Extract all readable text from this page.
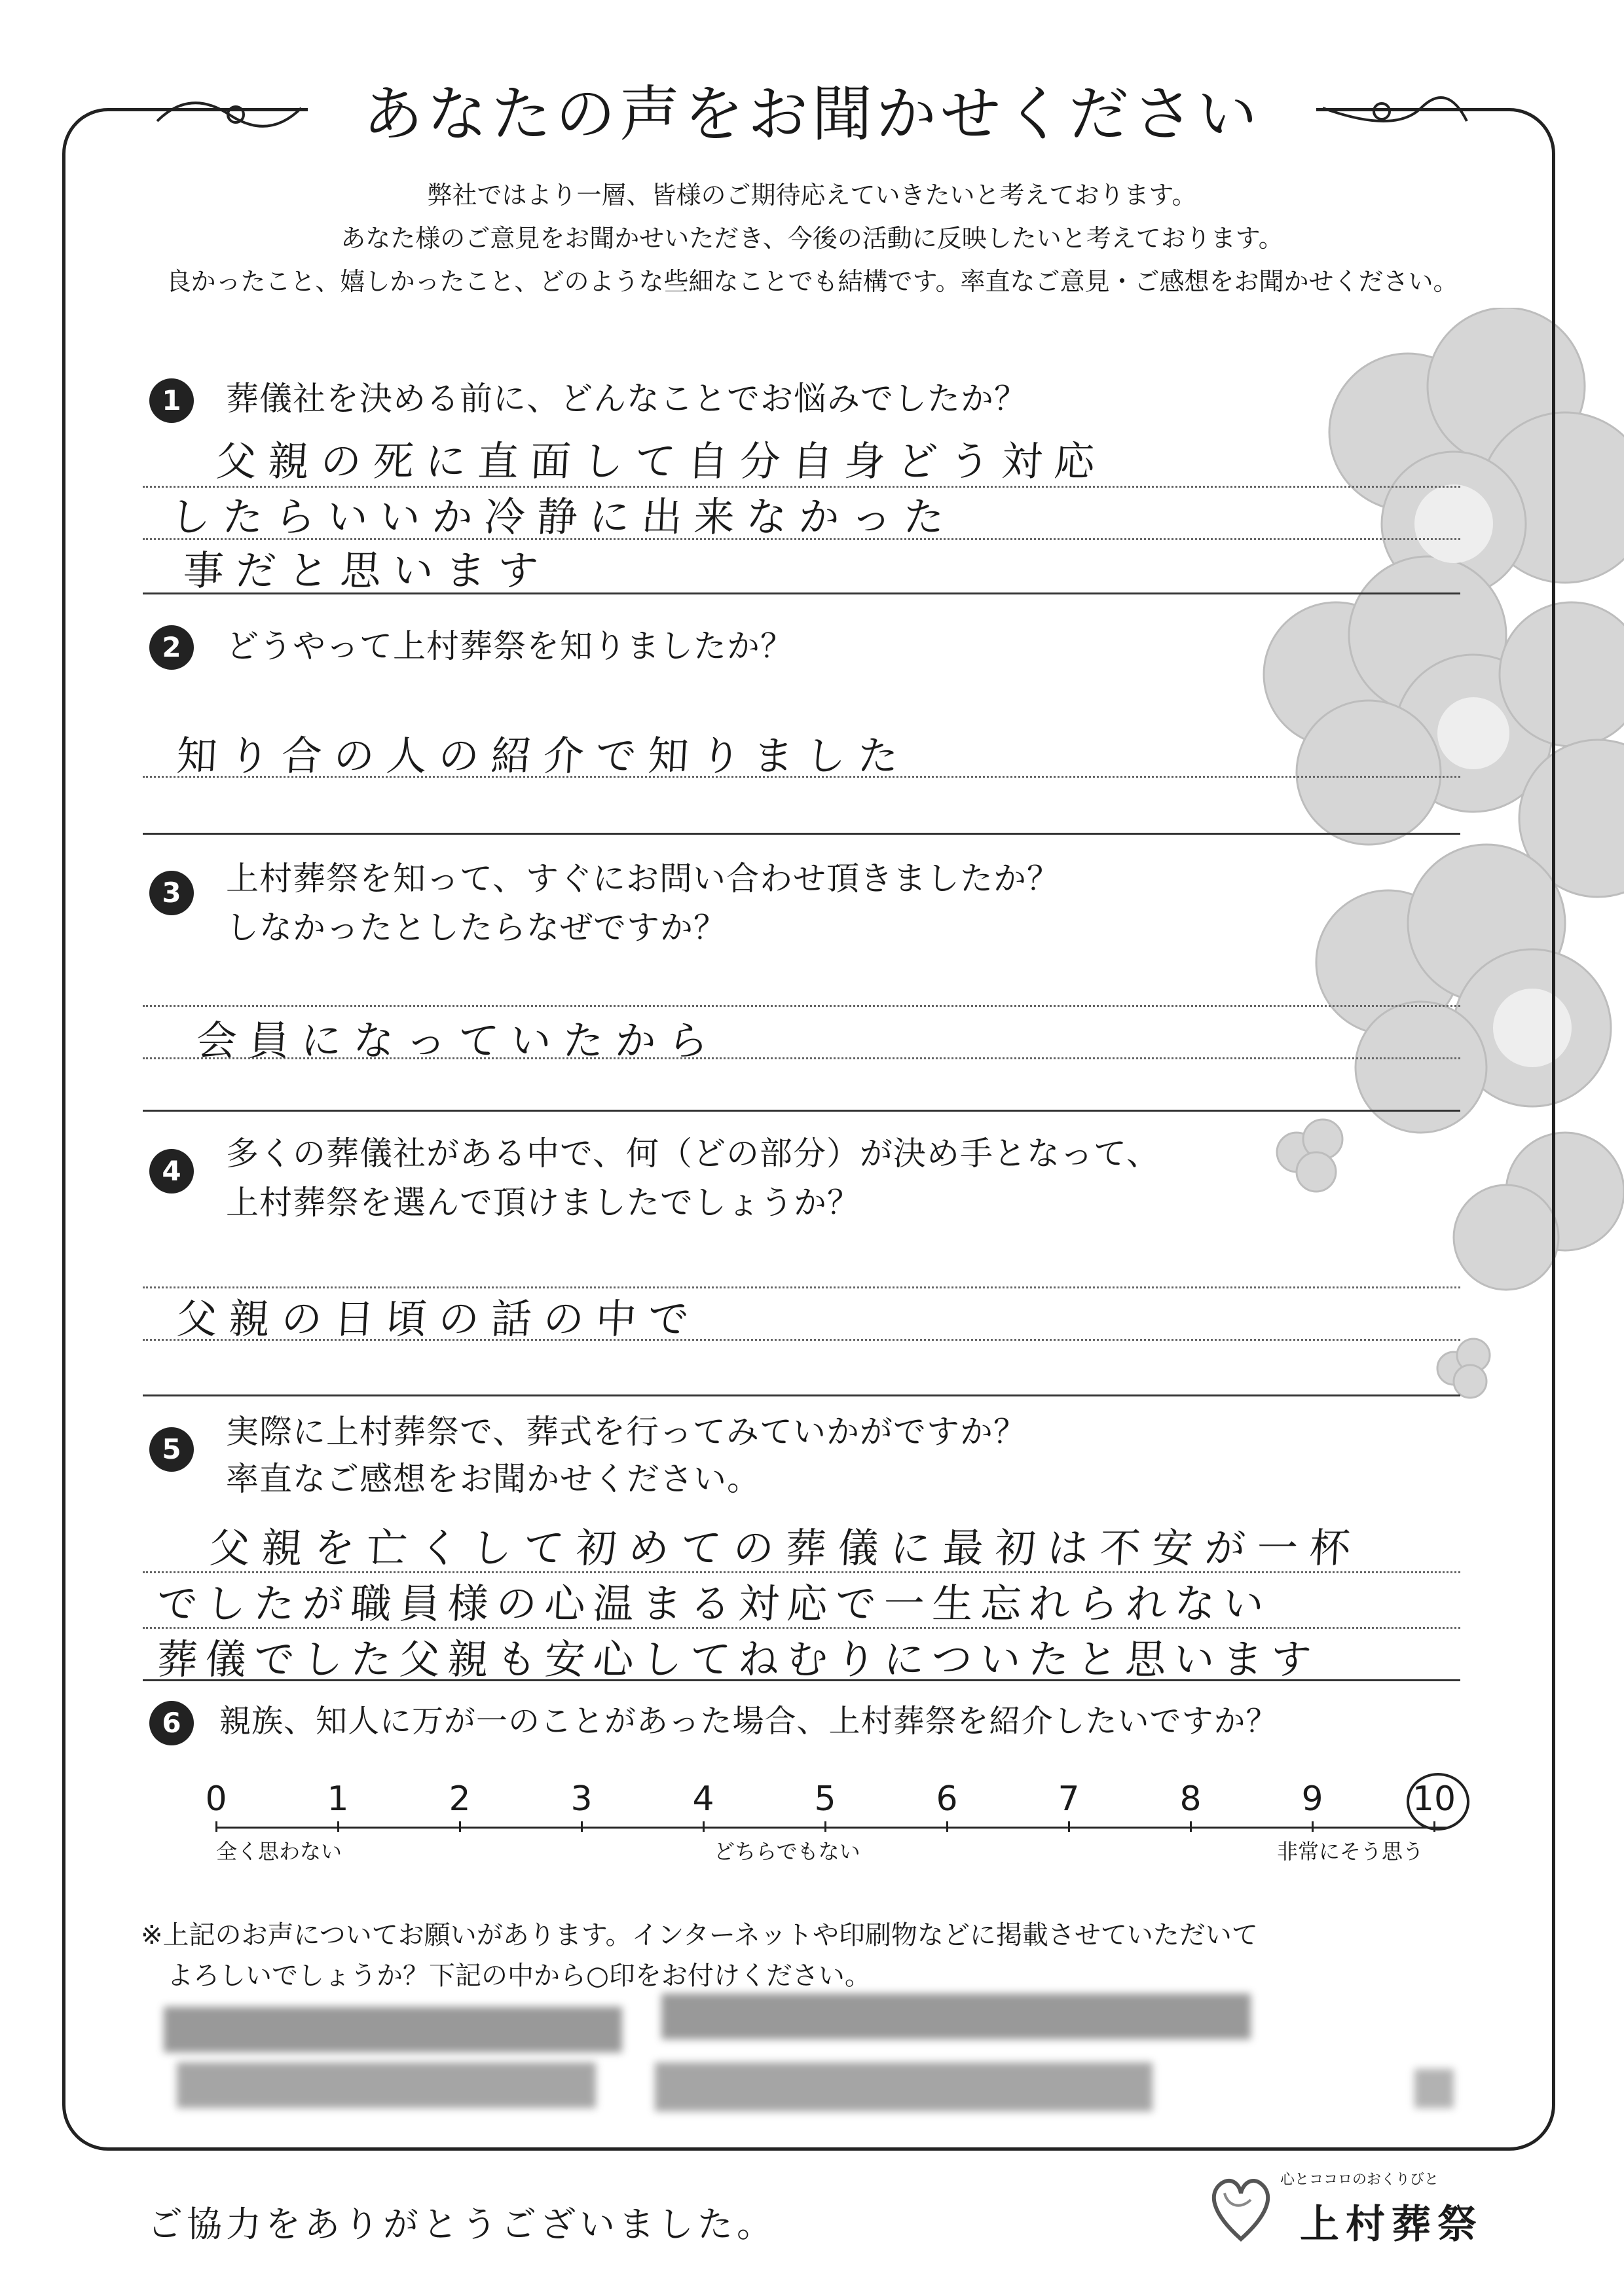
あなたの声をお聞かせください
弊社ではより一層、皆様のご期待応えていきたいと考えております。
あなた様のご意見をお聞かせいただき、今後の活動に反映したいと考えております。
良かったこと、嬉しかったこと、どのような些細なことでも結構です。率直なご意見・ご感想をお聞かせください。
1	葬儀社を決める前に、どんなことでお悩みでしたか？
父親の死に直面して自分自身どう対応
したらいいか冷静に出来なかった
事だと思います
2	どうやって上村葬祭を知りましたか？
知り合の人の紹介で知りました
3	上村葬祭を知って、すぐにお問い合わせ頂きましたか？
しなかったとしたらなぜですか？
会員になっていたから
4	多くの葬儀社がある中で、何（どの部分）が決め手となって、
上村葬祭を選んで頂けましたでしょうか？
父親の日頃の話の中で
5	実際に上村葬祭で、葬式を行ってみていかがですか？
率直なご感想をお聞かせください。
父親を亡くして初めての葬儀に最初は不安が一杯
でしたが職員様の心温まる対応で一生忘れられない
葬儀でした父親も安心してねむりについたと思います
6	親族、知人に万が一のことがあった場合、上村葬祭を紹介したいですか？
0	1	2	3	4	5	6	7	8	9	10
全く思わない	どちらでもない	非常にそう思う
※上記のお声についてお願いがあります。インターネットや印刷物などに掲載させていただいて
　よろしいでしょうか？下記の中から○印をお付けください。
ご協力をありがとうございました。
心とココロのおくりびと
上村葬祭
